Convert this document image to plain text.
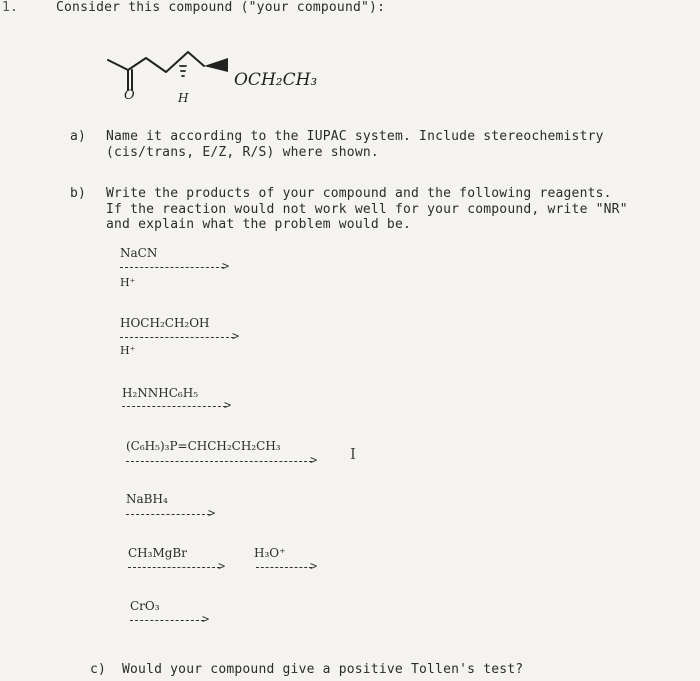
1.	Consider this compound ("your compound"):
O	H
OCH₂CH₃
a) Name it according to the IUPAC system. Include stereochemistry
(cis/trans, E/Z, R/S) where shown.
b) Write the products of your compound and the following reagents.
If the reaction would not work well for your compound, write "NR"
and explain what the problem would be.
NaCN
>
H⁺
HOCH₂CH₂OH
>
H⁺
H₂NNHC₆H₅
>
(C₆H₅)₃P=CHCH₂CH₂CH₃
> I
NaBH₄
>
CH₃MgBr
>
H₃O⁺
>
CrO₃
>
c) Would your compound give a positive Tollen's test?
